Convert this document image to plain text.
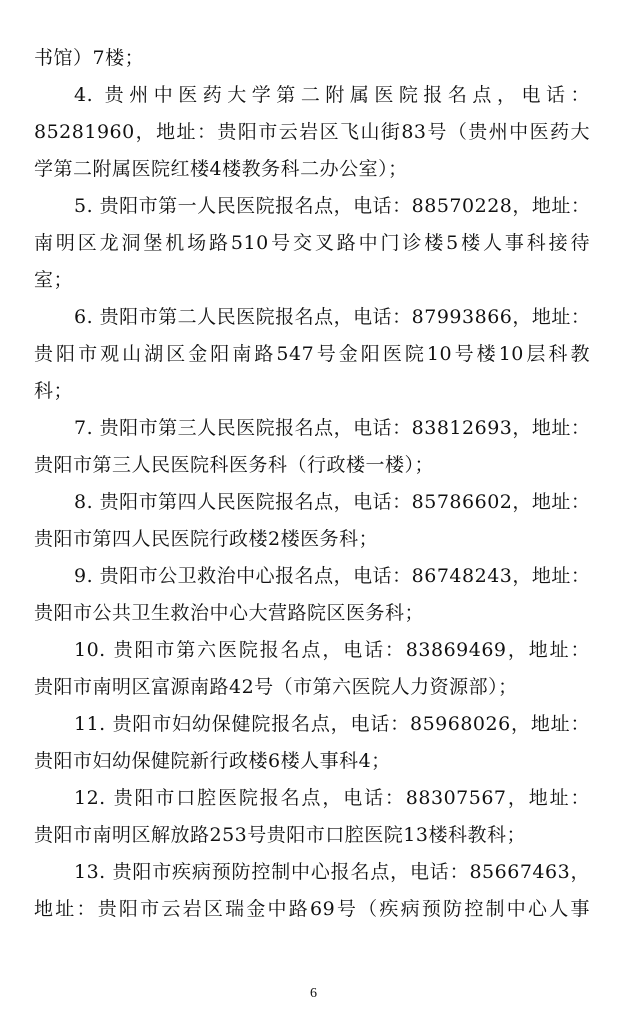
书馆）7楼；
4. 贵州中医药大学第二附属医院报名点，电话：
85281960，地址：贵阳市云岩区飞山街83号（贵州中医药大
学第二附属医院红楼4楼教务科二办公室）；
5. 贵阳市第一人民医院报名点，电话：88570228，地址：
南明区龙洞堡机场路510号交叉路中门诊楼5楼人事科接待
室；
6. 贵阳市第二人民医院报名点，电话：87993866，地址：
贵阳市观山湖区金阳南路547号金阳医院10号楼10层科教
科；
7. 贵阳市第三人民医院报名点，电话：83812693，地址：
贵阳市第三人民医院科医务科（行政楼一楼）；
8. 贵阳市第四人民医院报名点，电话：85786602，地址：
贵阳市第四人民医院行政楼2楼医务科；
9. 贵阳市公卫救治中心报名点，电话：86748243，地址：
贵阳市公共卫生救治中心大营路院区医务科；
10. 贵阳市第六医院报名点，电话：83869469，地址：
贵阳市南明区富源南路42号（市第六医院人力资源部）；
11. 贵阳市妇幼保健院报名点，电话：85968026，地址：
贵阳市妇幼保健院新行政楼6楼人事科4；
12. 贵阳市口腔医院报名点，电话：88307567，地址：
贵阳市南明区解放路253号贵阳市口腔医院13楼科教科；
13. 贵阳市疾病预防控制中心报名点，电话：85667463，
地址：贵阳市云岩区瑞金中路69号（疾病预防控制中心人事
6
